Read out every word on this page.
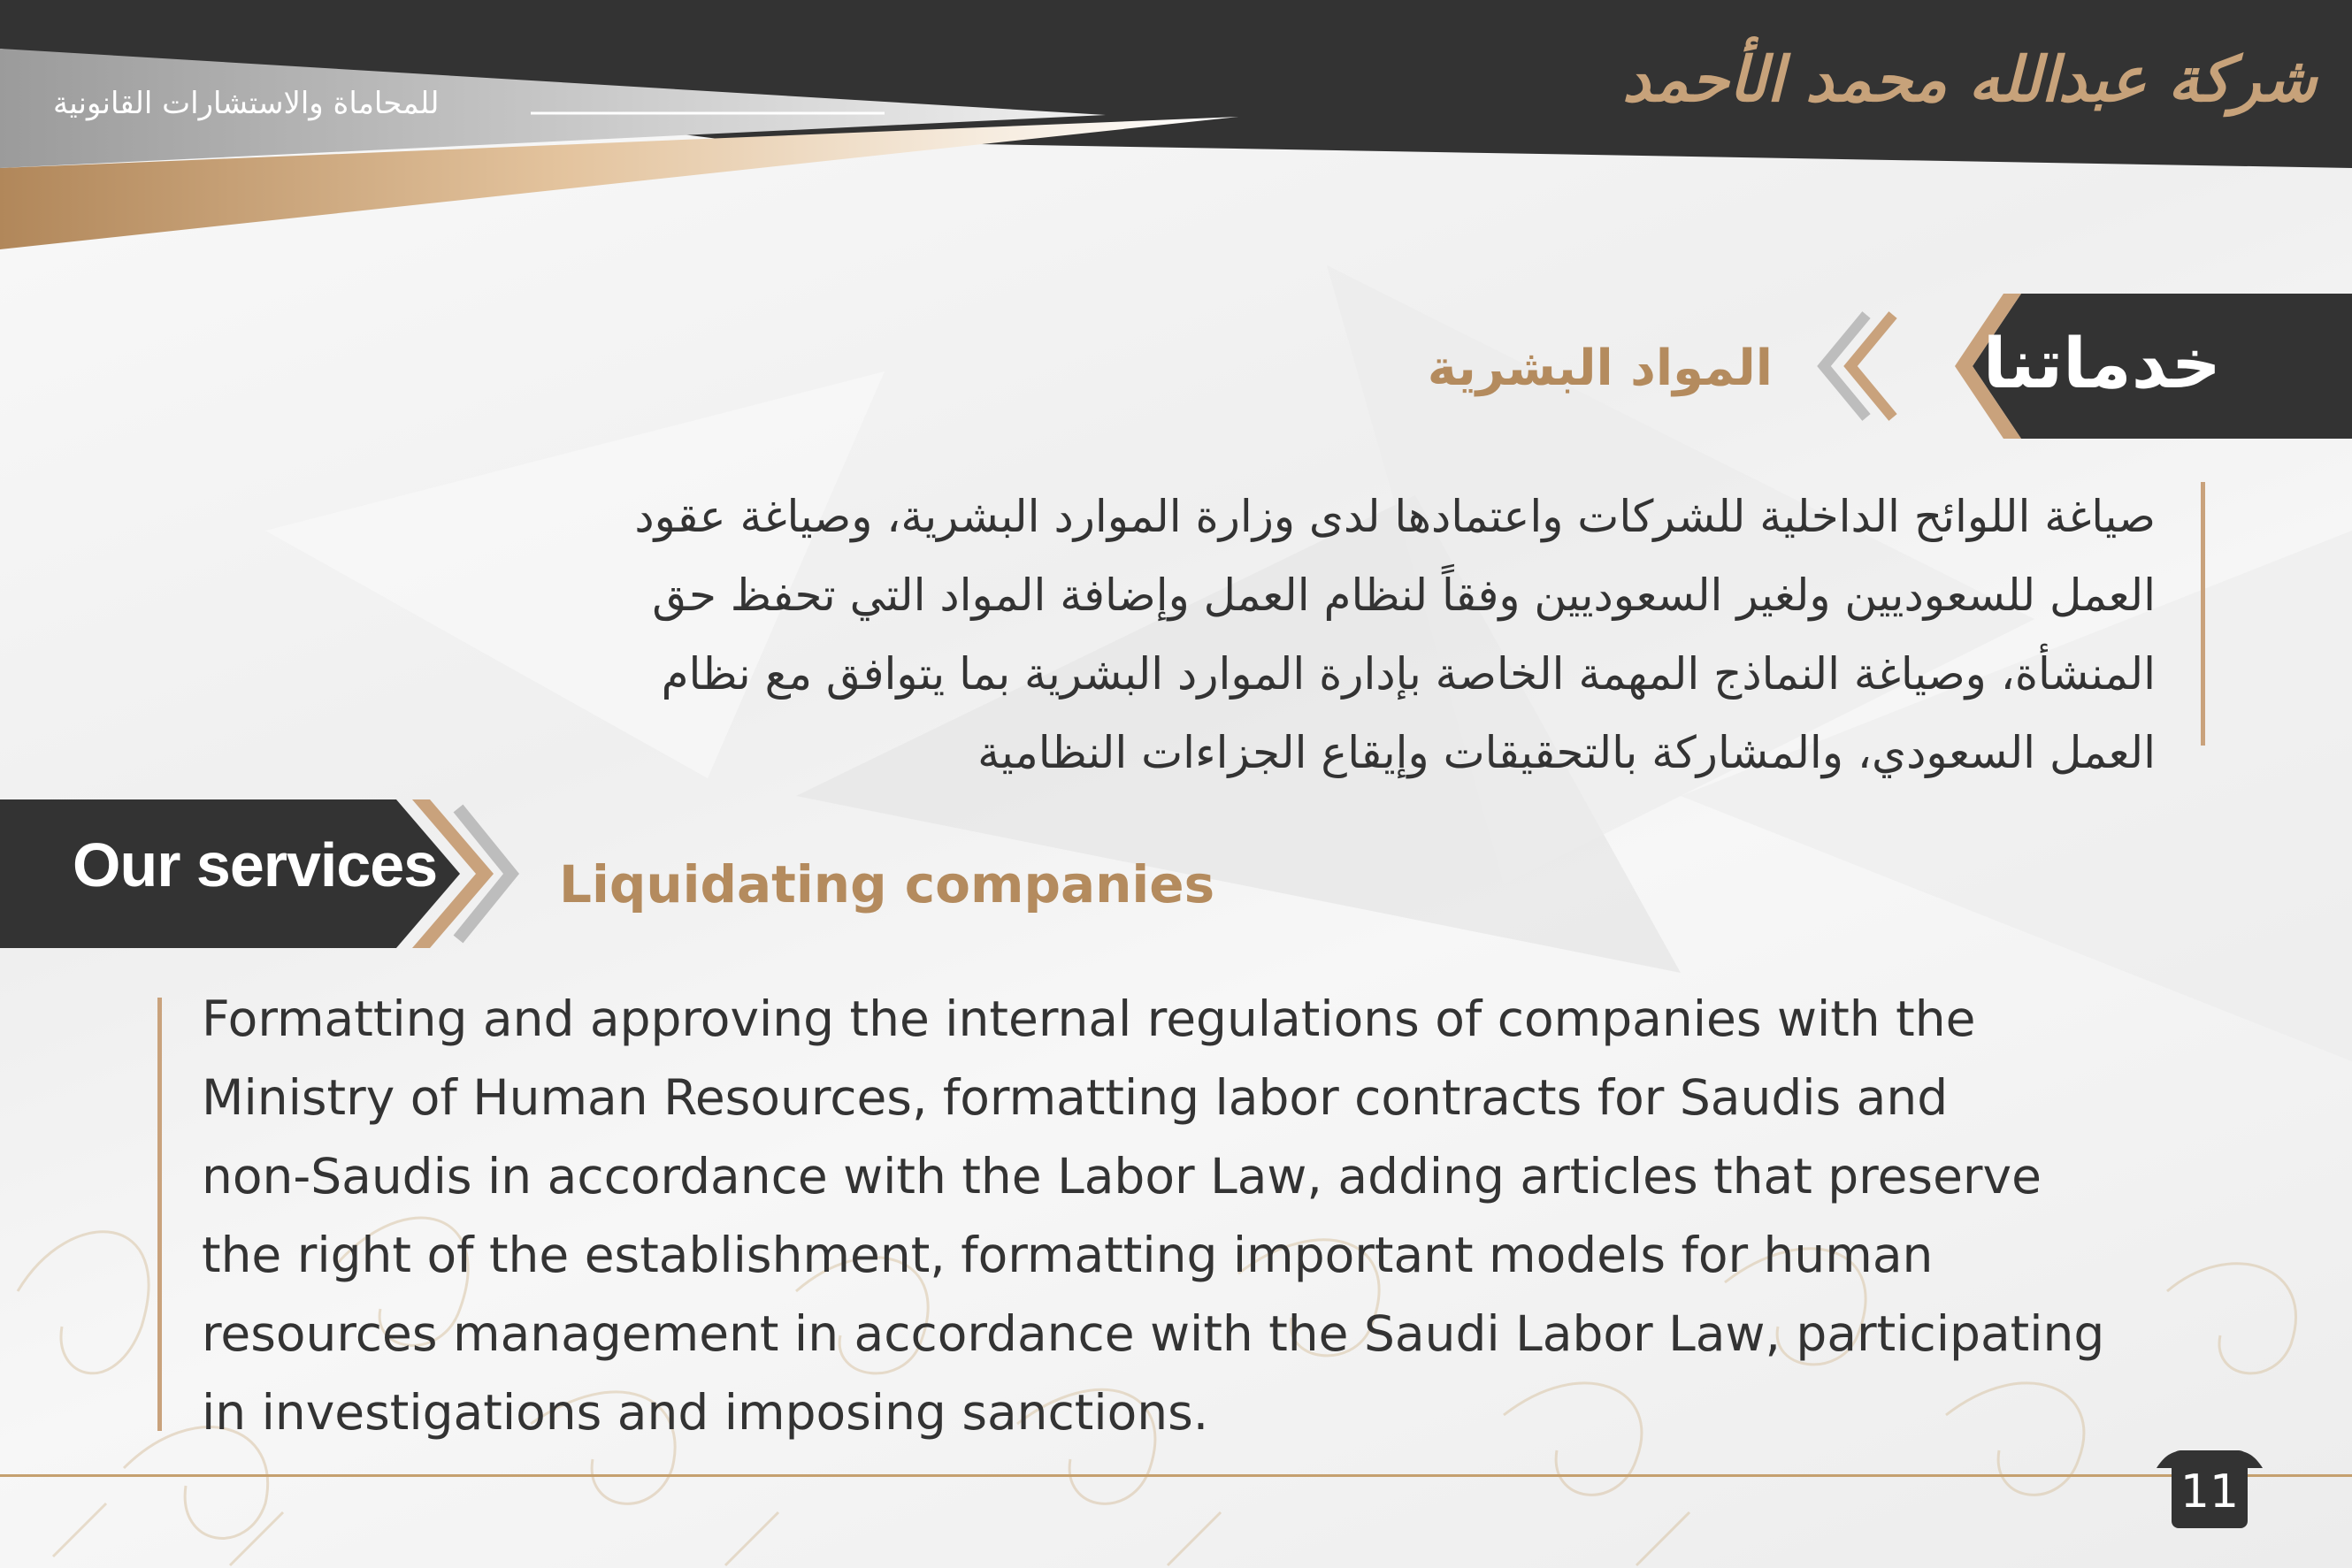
للمحاماة والاستشارات القانونية	شركة عبدالله محمد الأحمد
خدماتنا
المواد البشرية
صياغة اللوائح الداخلية للشركات واعتمادها لدى وزارة الموارد البشرية، وصياغة عقود
العمل للسعوديين ولغير السعوديين وفقاً لنظام العمل وإضافة المواد التي تحفظ حق
المنشأة، وصياغة النماذج المهمة الخاصة بإدارة الموارد البشرية بما يتوافق مع نظام
العمل السعودي، والمشاركة بالتحقيقات وإيقاع الجزاءات النظامية
Our services Liquidating companies
Formatting and approving the internal regulations of companies with the
Ministry of Human Resources, formatting labor contracts for Saudis and
non-Saudis in accordance with the Labor Law, adding articles that preserve
the right of the establishment, formatting important models for human
resources management in accordance with the Saudi Labor Law, participating
in investigations and imposing sanctions.
11
